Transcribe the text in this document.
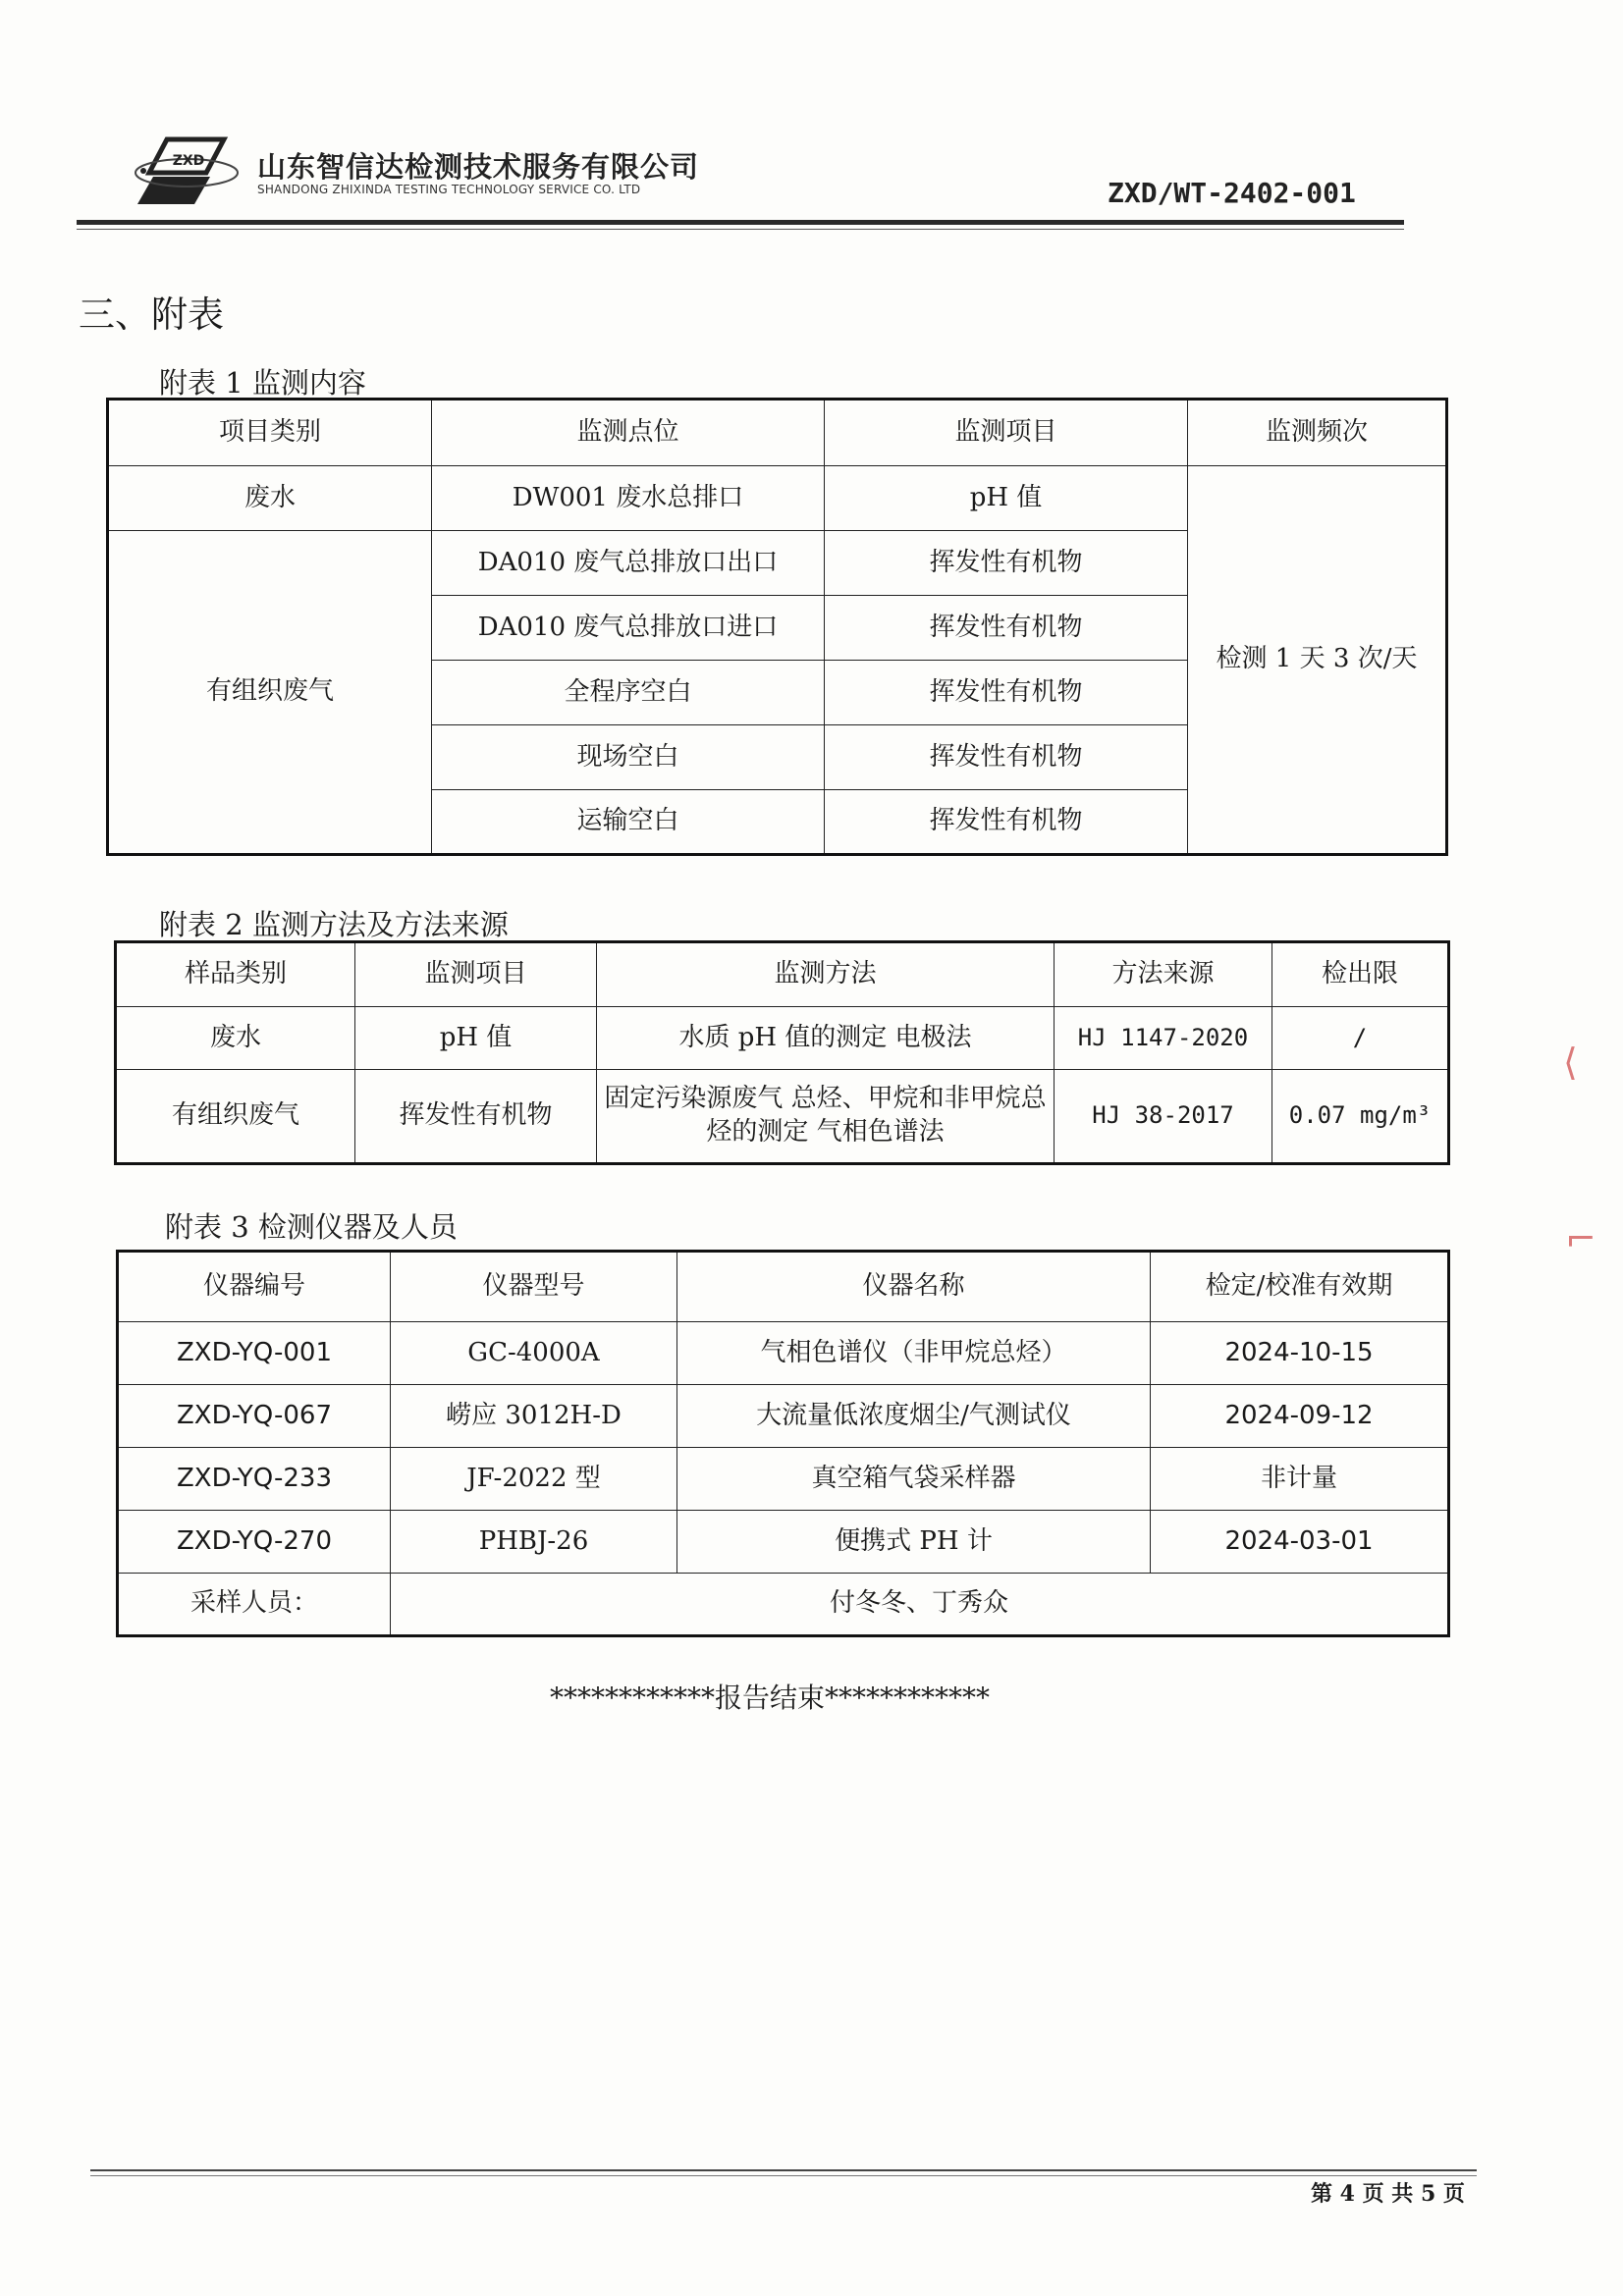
ZXD 山东智信达检测技术服务有限公司
SHANDONG ZHIXINDA TESTING TECHNOLOGY SERVICE CO. LTD	ZXD/WT-2402-001
三、附表
附表 1 监测内容
项目类别	监测点位	监测项目	监测频次
废水	DW001 废水总排口	pH 值	检测 1 天 3 次/天
有组织废气	DA010 废气总排放口出口	挥发性有机物	
	DA010 废气总排放口进口	挥发性有机物	
	全程序空白	挥发性有机物	
	现场空白	挥发性有机物	
	运输空白	挥发性有机物	
附表 2 监测方法及方法来源
样品类别	监测项目	监测方法	方法来源	检出限
废水	pH 值	水质 pH 值的测定 电极法	HJ 1147-2020	/
有组织废气	挥发性有机物	固定污染源废气 总烃、甲烷和非甲烷总烃的测定 气相色谱法	HJ 38-2017	0.07 mg/m³
附表 3 检测仪器及人员
仪器编号	仪器型号	仪器名称	检定/校准有效期
ZXD-YQ-001	GC-4000A	气相色谱仪（非甲烷总烃）	2024-10-15
ZXD-YQ-067	崂应 3012H-D	大流量低浓度烟尘/气测试仪	2024-09-12
ZXD-YQ-233	JF-2022 型	真空箱气袋采样器	非计量
ZXD-YQ-270	PHBJ-26	便携式 PH 计	2024-03-01
采样人员：	付冬冬、丁秀众		
************报告结束************
⟨
⌐
第 4 页 共 5 页
